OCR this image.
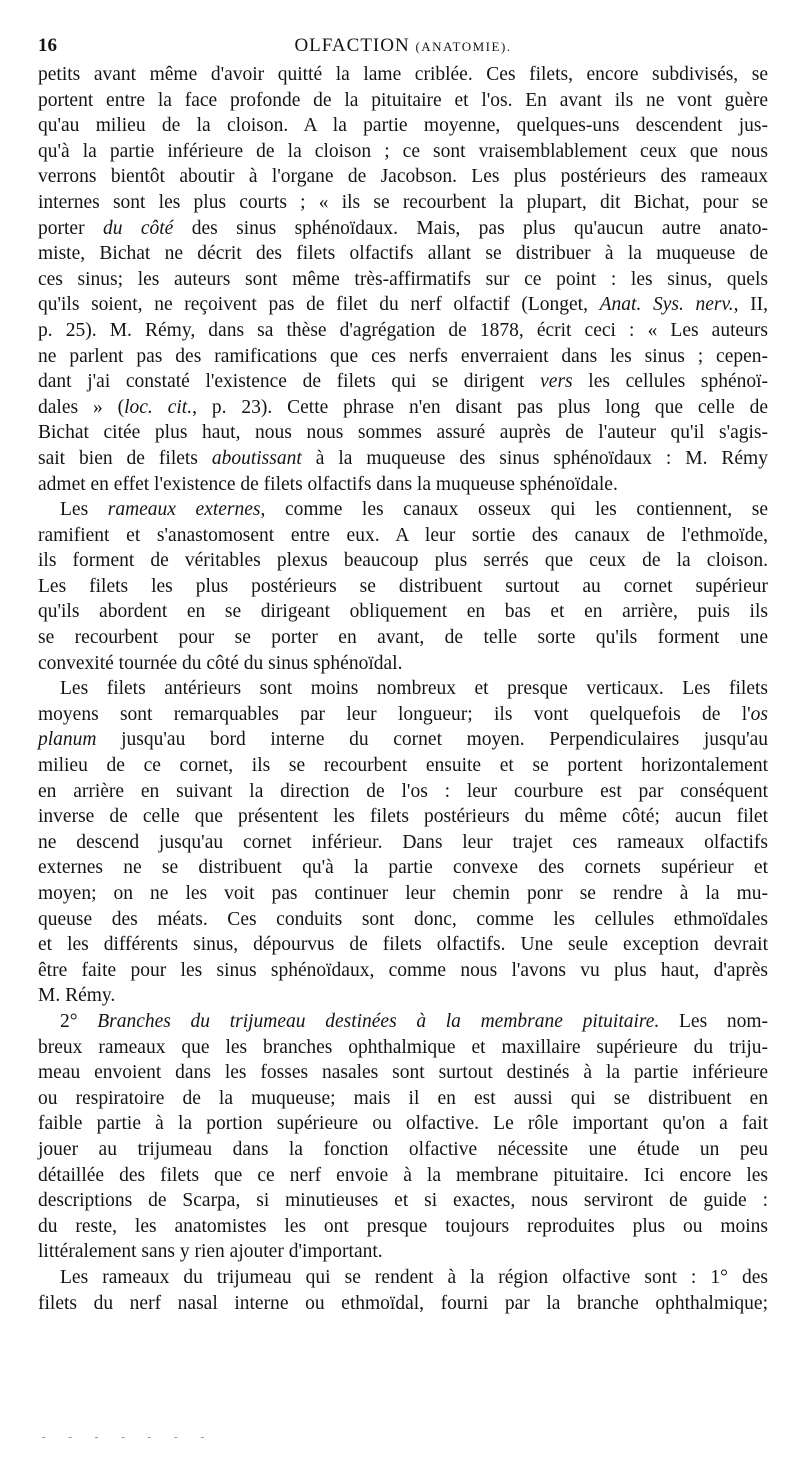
16	OLFACTION (ANATOMIE).
petits avant même d'avoir quitté la lame criblée. Ces filets, encore subdivisés, se
portent entre la face profonde de la pituitaire et l'os. En avant ils ne vont guère
qu'au milieu de la cloison. A la partie moyenne, quelques-uns descendent jus-
qu'à la partie inférieure de la cloison ; ce sont vraisemblablement ceux que nous
verrons bientôt aboutir à l'organe de Jacobson. Les plus postérieurs des rameaux
internes sont les plus courts ; « ils se recourbent la plupart, dit Bichat, pour se
porter du côté des sinus sphénoïdaux. Mais, pas plus qu'aucun autre anato-
miste, Bichat ne décrit des filets olfactifs allant se distribuer à la muqueuse de
ces sinus; les auteurs sont même très-affirmatifs sur ce point : les sinus, quels
qu'ils soient, ne reçoivent pas de filet du nerf olfactif (Longet, Anat. Sys. nerv., II,
p. 25). M. Rémy, dans sa thèse d'agrégation de 1878, écrit ceci : « Les auteurs
ne parlent pas des ramifications que ces nerfs enverraient dans les sinus ; cepen-
dant j'ai constaté l'existence de filets qui se dirigent vers les cellules sphénoï-
dales » (loc. cit., p. 23). Cette phrase n'en disant pas plus long que celle de
Bichat citée plus haut, nous nous sommes assuré auprès de l'auteur qu'il s'agis-
sait bien de filets aboutissant à la muqueuse des sinus sphénoïdaux : M. Rémy
admet en effet l'existence de filets olfactifs dans la muqueuse sphénoïdale.
Les rameaux externes, comme les canaux osseux qui les contiennent, se
ramifient et s'anastomosent entre eux. A leur sortie des canaux de l'ethmoïde,
ils forment de véritables plexus beaucoup plus serrés que ceux de la cloison.
Les filets les plus postérieurs se distribuent surtout au cornet supérieur
qu'ils abordent en se dirigeant obliquement en bas et en arrière, puis ils
se recourbent pour se porter en avant, de telle sorte qu'ils forment une
convexité tournée du côté du sinus sphénoïdal.
Les filets antérieurs sont moins nombreux et presque verticaux. Les filets
moyens sont remarquables par leur longueur; ils vont quelquefois de l'os
planum jusqu'au bord interne du cornet moyen. Perpendiculaires jusqu'au
milieu de ce cornet, ils se recourbent ensuite et se portent horizontalement
en arrière en suivant la direction de l'os : leur courbure est par conséquent
inverse de celle que présentent les filets postérieurs du même côté; aucun filet
ne descend jusqu'au cornet inférieur. Dans leur trajet ces rameaux olfactifs
externes ne se distribuent qu'à la partie convexe des cornets supérieur et
moyen; on ne les voit pas continuer leur chemin ponr se rendre à la mu-
queuse des méats. Ces conduits sont donc, comme les cellules ethmoïdales
et les différents sinus, dépourvus de filets olfactifs. Une seule exception devrait
être faite pour les sinus sphénoïdaux, comme nous l'avons vu plus haut, d'après
M. Rémy.
2° Branches du trijumeau destinées à la membrane pituitaire. Les nom-
breux rameaux que les branches ophthalmique et maxillaire supérieure du triju-
meau envoient dans les fosses nasales sont surtout destinés à la partie inférieure
ou respiratoire de la muqueuse; mais il en est aussi qui se distribuent en
faible partie à la portion supérieure ou olfactive. Le rôle important qu'on a fait
jouer au trijumeau dans la fonction olfactive nécessite une étude un peu
détaillée des filets que ce nerf envoie à la membrane pituitaire. Ici encore les
descriptions de Scarpa, si minutieuses et si exactes, nous serviront de guide :
du reste, les anatomistes les ont presque toujours reproduites plus ou moins
littéralement sans y rien ajouter d'important.
Les rameaux du trijumeau qui se rendent à la région olfactive sont : 1° des
filets du nerf nasal interne ou ethmoïdal, fourni par la branche ophthalmique;
- - - - - - -
